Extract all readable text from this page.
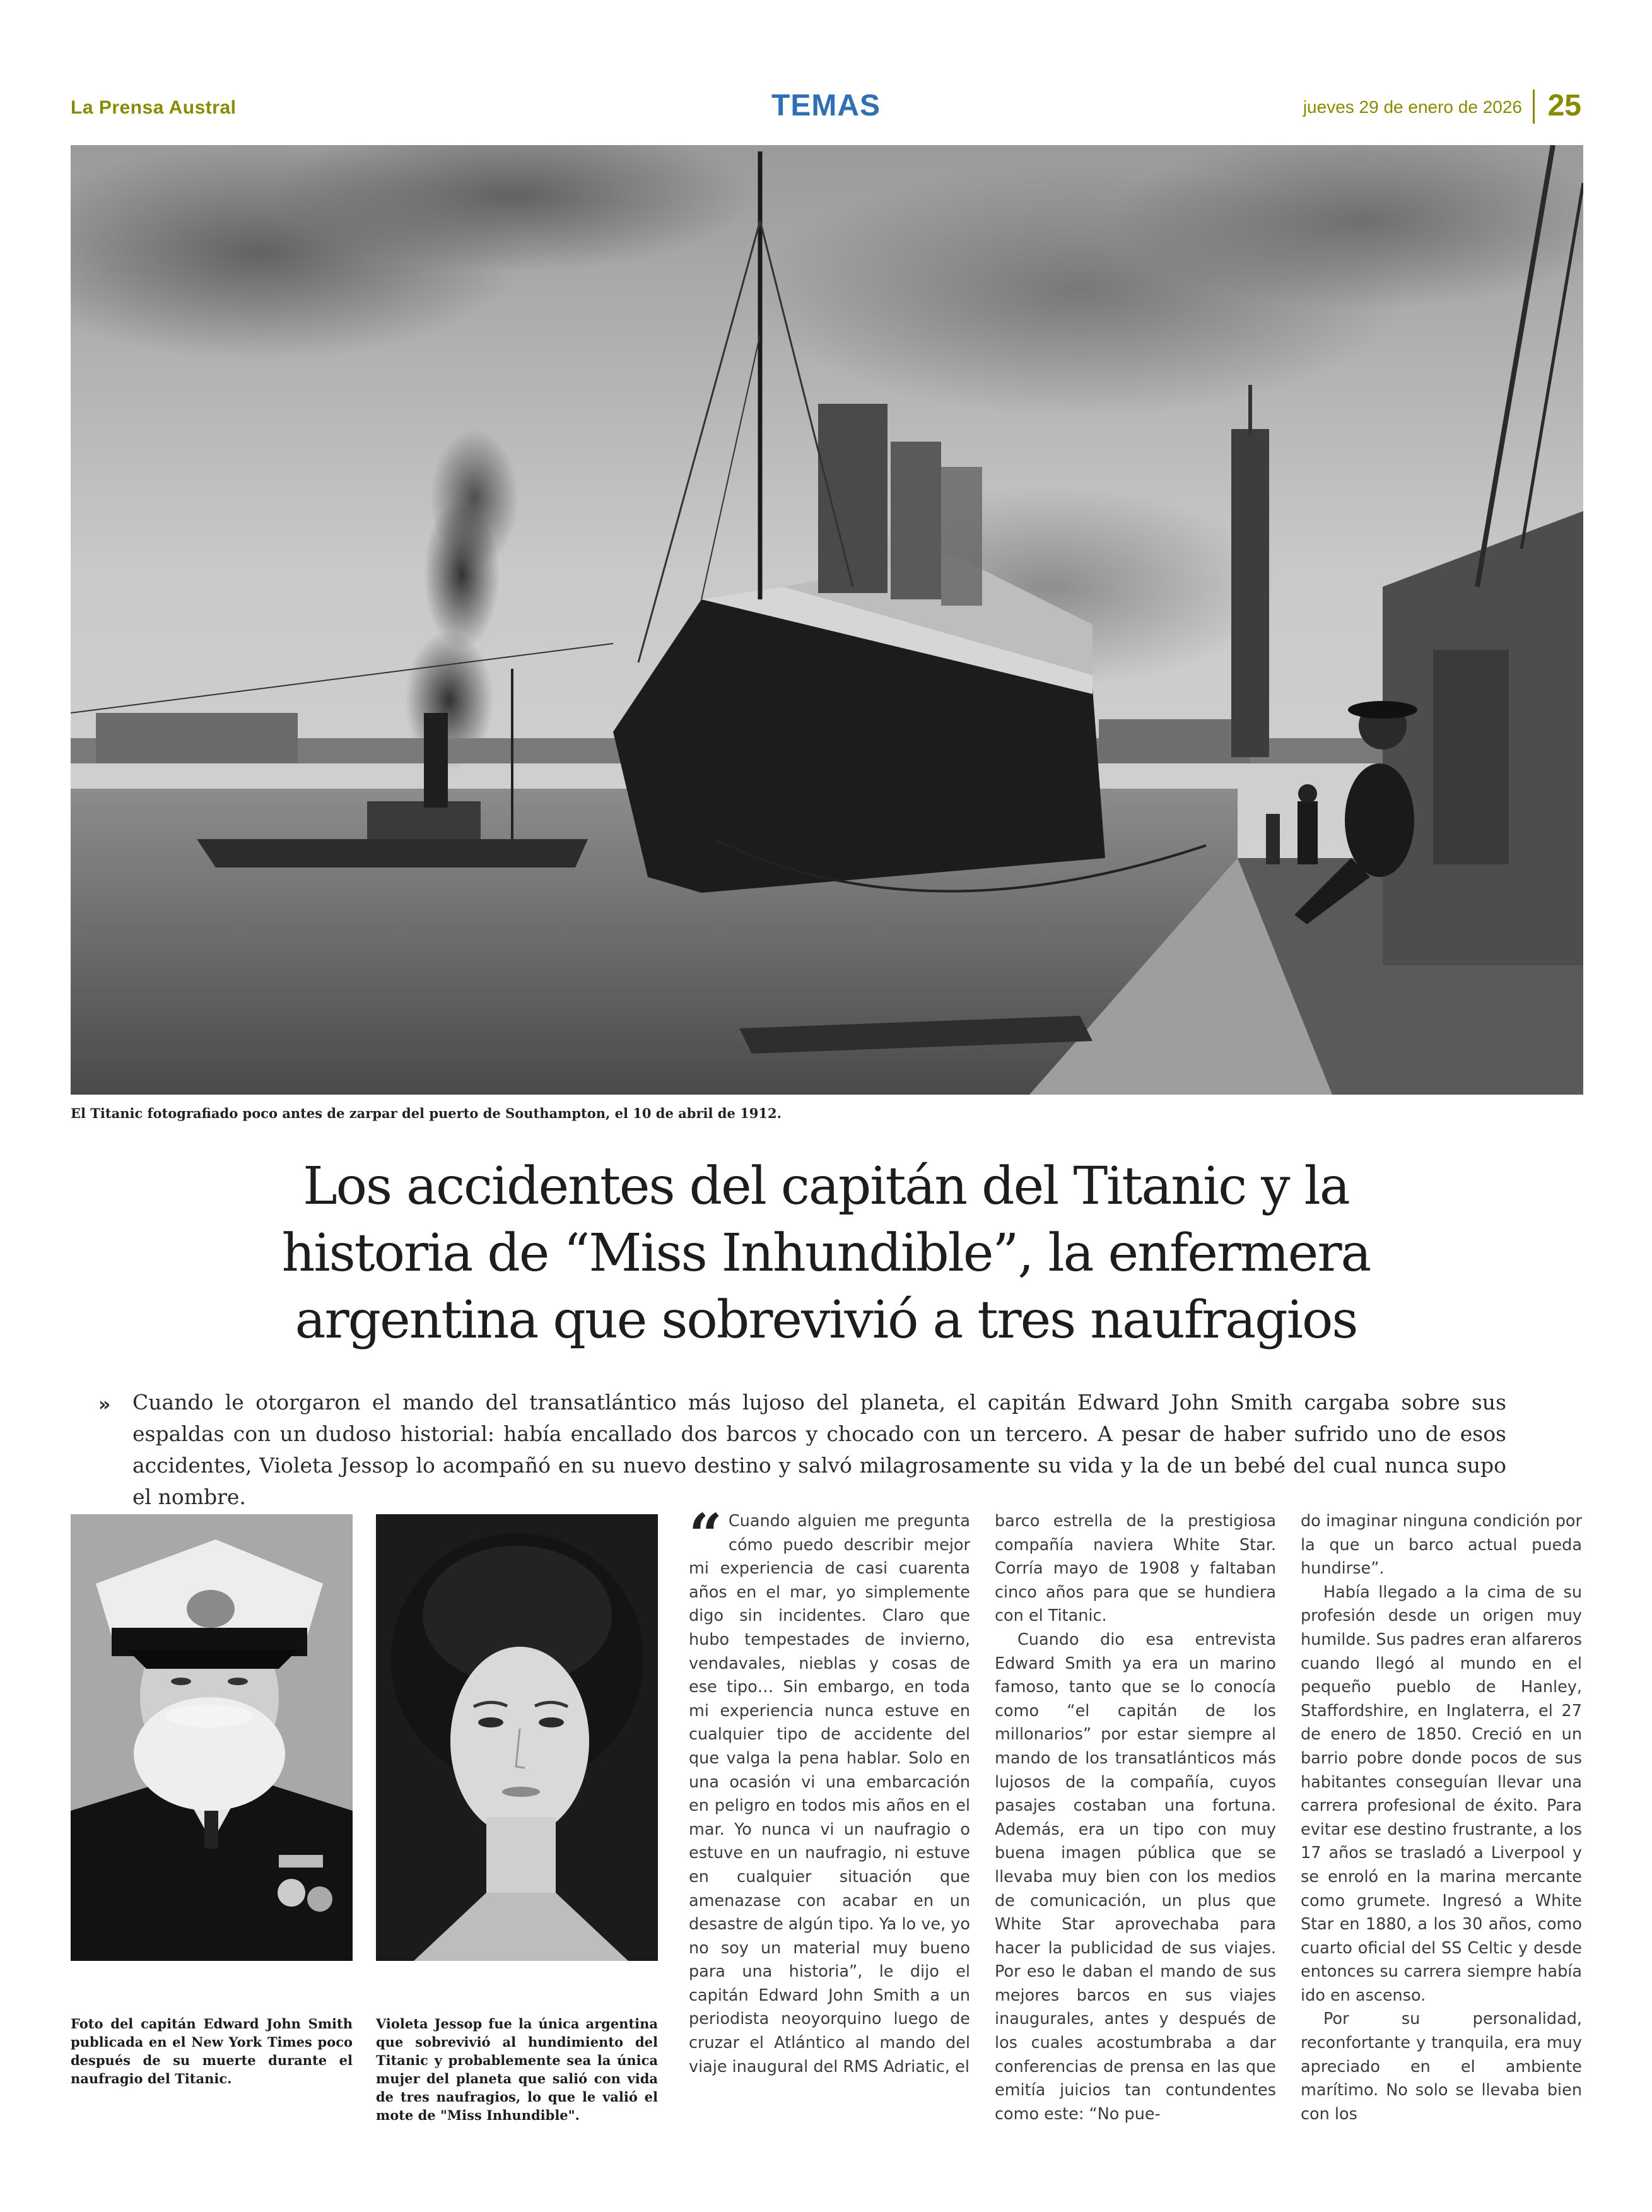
La Prensa Austral	TEMAS	jueves 29 de enero de 2026 25
El Titanic fotografiado poco antes de zarpar del puerto de Southampton, el 10 de abril de 1912.
Los accidentes del capitán del Titanic y la
historia de “Miss Inhundible”, la enfermera
argentina que sobrevivió a tres naufragios
»	Cuando le otorgaron el mando del transatlántico más lujoso del planeta, el capitán Edward John Smith cargaba sobre sus espaldas con un dudoso historial: había encallado dos barcos y chocado con un tercero. A pesar de haber sufrido uno de esos accidentes, Violeta Jessop lo acompañó en su nuevo destino y salvó milagrosamente su vida y la de un bebé del cual nunca supo el nombre.
Foto del capitán Edward John Smith publicada en el New York Times poco después de su muerte durante el naufragio del Titanic.
Violeta Jessop fue la única argentina que sobrevivió al hundimiento del Titanic y probablemente sea la única mujer del planeta que salió con vida de tres naufragios, lo que le valió el mote de "Miss Inhundible".
“ Cuando alguien me pregunta cómo puedo describir mejor mi experiencia de casi cuarenta años en el mar, yo simplemente digo sin incidentes. Claro que hubo tempestades de invierno, vendavales, nieblas y cosas de ese tipo… Sin embargo, en toda mi experiencia nunca estuve en cualquier tipo de accidente del que valga la pena hablar. Solo en una ocasión vi una embarcación en peligro en todos mis años en el mar. Yo nunca vi un naufragio o estuve en un naufragio, ni estuve en cualquier situación que amenazase con acabar en un desastre de algún tipo. Ya lo ve, yo no soy un material muy bueno para una historia”, le dijo el capitán Edward John Smith a un periodista neoyorquino luego de cruzar el Atlántico al mando del viaje inaugural del RMS Adriatic, el

barco estrella de la prestigiosa compañía naviera White Star. Corría mayo de 1908 y faltaban cinco años para que se hundiera con el Titanic.

Cuando dio esa entrevista Edward Smith ya era un marino famoso, tanto que se lo conocía como “el capitán de los millonarios” por estar siempre al mando de los transatlánticos más lujosos de la compañía, cuyos pasajes costaban una fortuna. Además, era un tipo con muy buena imagen pública que se llevaba muy bien con los medios de comunicación, un plus que White Star aprovechaba para hacer la publicidad de sus viajes. Por eso le daban el mando de sus mejores barcos en sus viajes inaugurales, antes y después de los cuales acostumbraba a dar conferencias de prensa en las que emitía juicios tan contundentes como este: “No pue-

do imaginar ninguna condición por la que un barco actual pueda hundirse”.

Había llegado a la cima de su profesión desde un origen muy humilde. Sus padres eran alfareros cuando llegó al mundo en el pequeño pueblo de Hanley, Staffordshire, en Inglaterra, el 27 de enero de 1850. Creció en un barrio pobre donde pocos de sus habitantes conseguían llevar una carrera profesional de éxito. Para evitar ese destino frustrante, a los 17 años se trasladó a Liverpool y se enroló en la marina mercante como grumete. Ingresó a White Star en 1880, a los 30 años, como cuarto oficial del SS Celtic y desde entonces su carrera siempre había ido en ascenso.

Por su personalidad, reconfortante y tranquila, era muy apreciado en el ambiente marítimo. No solo se llevaba bien con los
